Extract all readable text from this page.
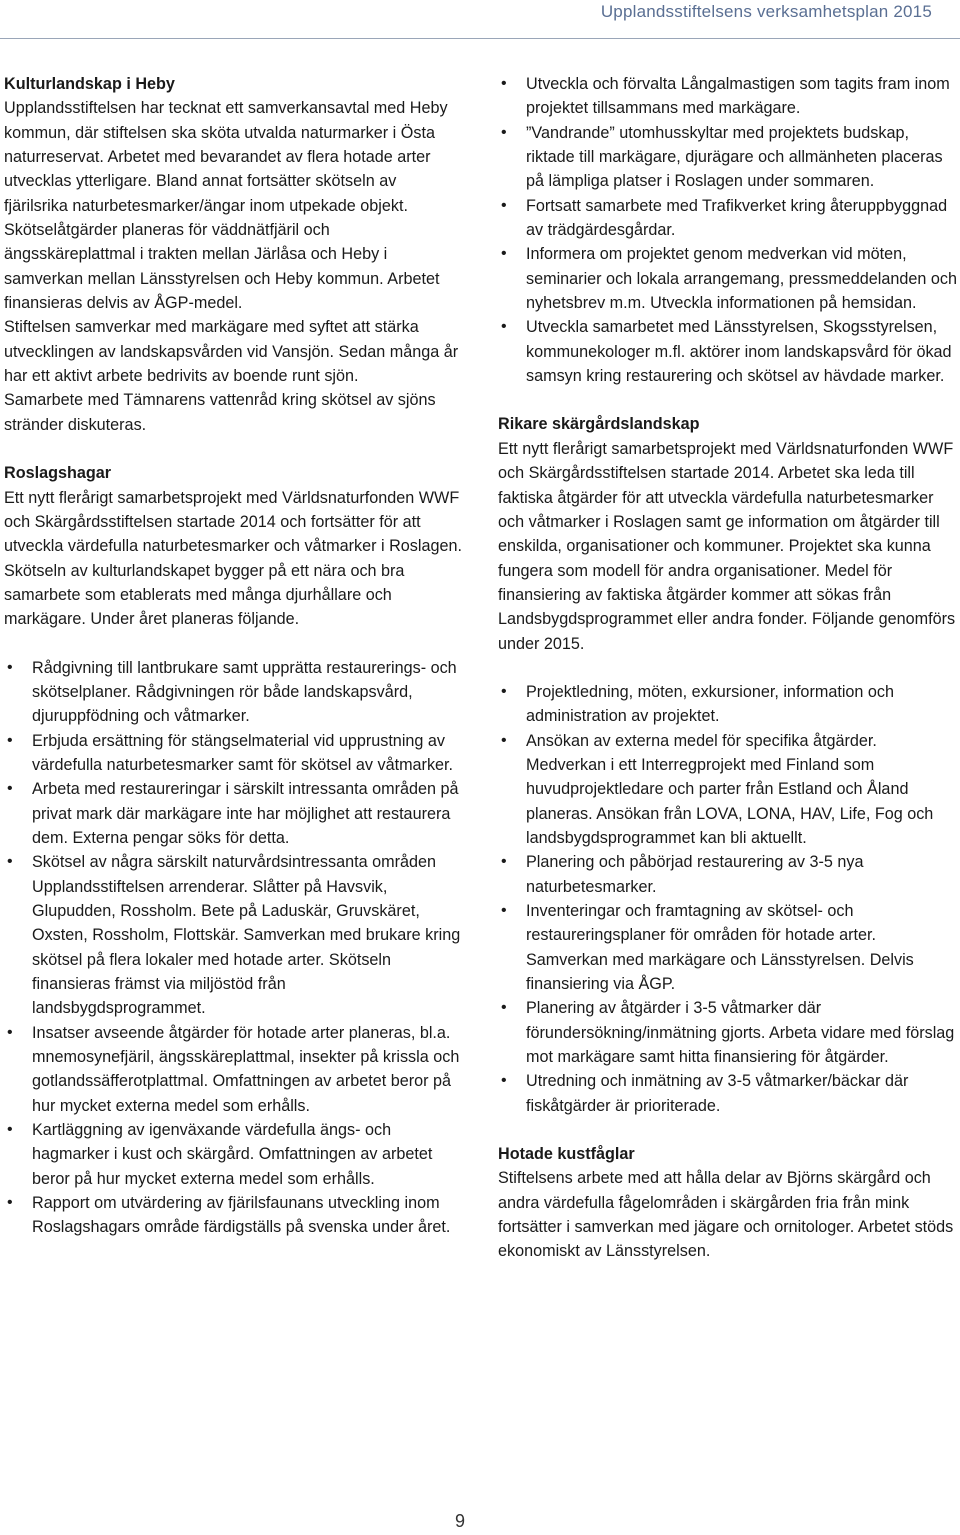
Upplandsstiftelsens verksamhetsplan 2015
Kulturlandskap i Heby

Upplandsstiftelsen har tecknat ett samverkansavtal med Heby kommun, där stiftelsen ska sköta utvalda naturmarker i Östa naturreservat. Arbetet med bevarandet av flera hotade arter utvecklas ytterligare. Bland annat fortsätter skötseln av fjärilsrika naturbetesmarker/ängar inom utpekade objekt. Skötselåtgärder planeras för väddnätfjäril och ängsskäreplattmal i trakten mellan Järlåsa och Heby i samverkan mellan Länsstyrelsen och Heby kommun. Arbetet finansieras delvis av ÅGP-medel.

Stiftelsen samverkar med markägare med syftet att stärka utvecklingen av landskapsvården vid Vansjön. Sedan många år har ett aktivt arbete bedrivits av boende runt sjön.

Samarbete med Tämnarens vattenråd kring skötsel av sjöns stränder diskuteras.

Roslagshagar

Ett nytt flerårigt samarbetsprojekt med Världsnaturfonden WWF och Skärgårdsstiftelsen startade 2014 och fortsätter för att utveckla värdefulla naturbetesmarker och våtmarker i Roslagen. Skötseln av kulturlandskapet bygger på ett nära och bra samarbete som etablerats med många djurhållare och markägare. Under året planeras följande.

• Rådgivning till lantbrukare samt upprätta restaurerings- och skötselplaner. Rådgivningen rör både landskapsvård, djuruppfödning och våtmarker.
• Erbjuda ersättning för stängselmaterial vid upprustning av värdefulla naturbetesmarker samt för skötsel av våtmarker.
• Arbeta med restaureringar i särskilt intressanta områden på privat mark där markägare inte har möjlighet att restaurera dem. Externa pengar söks för detta.
• Skötsel av några särskilt naturvårdsintressanta områden Upplandsstiftelsen arrenderar. Slåtter på Havsvik, Glupudden, Rossholm. Bete på Laduskär, Gruvskäret, Oxsten, Rossholm, Flottskär. Samverkan med brukare kring skötsel på flera lokaler med hotade arter. Skötseln finansieras främst via miljöstöd från landsbygdsprogrammet.
• Insatser avseende åtgärder för hotade arter planeras, bl.a. mnemosynefjäril, ängsskäreplattmal, insekter på krissla och gotlandssäfferotplattmal. Omfattningen av arbetet beror på hur mycket externa medel som erhålls.
• Kartläggning av igenväxande värdefulla ängs- och hagmarker i kust och skärgård. Omfattningen av arbetet beror på hur mycket externa medel som erhålls.
• Rapport om utvärdering av fjärilsfaunans utveckling inom Roslagshagars område färdigställs på svenska under året.
• Utveckla och förvalta Långalmastigen som tagits fram inom projektet tillsammans med markägare.
• ”Vandrande” utomhusskyltar med projektets budskap, riktade till markägare, djurägare och allmänheten placeras på lämpliga platser i Roslagen under sommaren.
• Fortsatt samarbete med Trafikverket kring återuppbyggnad av trädgärdesgårdar.
• Informera om projektet genom medverkan vid möten, seminarier och lokala arrangemang, pressmeddelanden och nyhetsbrev m.m. Utveckla informationen på hemsidan.
• Utveckla samarbetet med Länsstyrelsen, Skogsstyrelsen, kommunekologer m.fl. aktörer inom landskapsvård för ökad samsyn kring restaurering och skötsel av hävdade marker.
Rikare skärgårdslandskap

Ett nytt flerårigt samarbetsprojekt med Världsnaturfonden WWF och Skärgårdsstiftelsen startade 2014. Arbetet ska leda till faktiska åtgärder för att utveckla värdefulla naturbetesmarker och våtmarker i Roslagen samt ge information om åtgärder till enskilda, organisationer och kommuner. Projektet ska kunna fungera som modell för andra organisationer. Medel för finansiering av faktiska åtgärder kommer att sökas från Landsbygdsprogrammet eller andra fonder. Följande genomförs under 2015.

• Projektledning, möten, exkursioner, information och administration av projektet.
• Ansökan av externa medel för specifika åtgärder. Medverkan i ett Interregprojekt med Finland som huvudprojektledare och parter från Estland och Åland planeras. Ansökan från LOVA, LONA, HAV, Life, Fog och landsbygdsprogrammet kan bli aktuellt.
• Planering och påbörjad restaurering av 3-5 nya naturbetesmarker.
• Inventeringar och framtagning av skötsel- och restaureringsplaner för områden för hotade arter. Samverkan med markägare och Länsstyrelsen. Delvis finansiering via ÅGP.
• Planering av åtgärder i 3-5 våtmarker där förundersökning/inmätning gjorts. Arbeta vidare med förslag mot markägare samt hitta finansiering för åtgärder.
• Utredning och inmätning av 3-5 våtmarker/bäckar där fiskåtgärder är prioriterade.
Hotade kustfåglar

Stiftelsens arbete med att hålla delar av Björns skärgård och andra värdefulla fågelområden i skärgården fria från mink fortsätter i samverkan med jägare och ornitologer. Arbetet stöds ekonomiskt av Länsstyrelsen.

9
